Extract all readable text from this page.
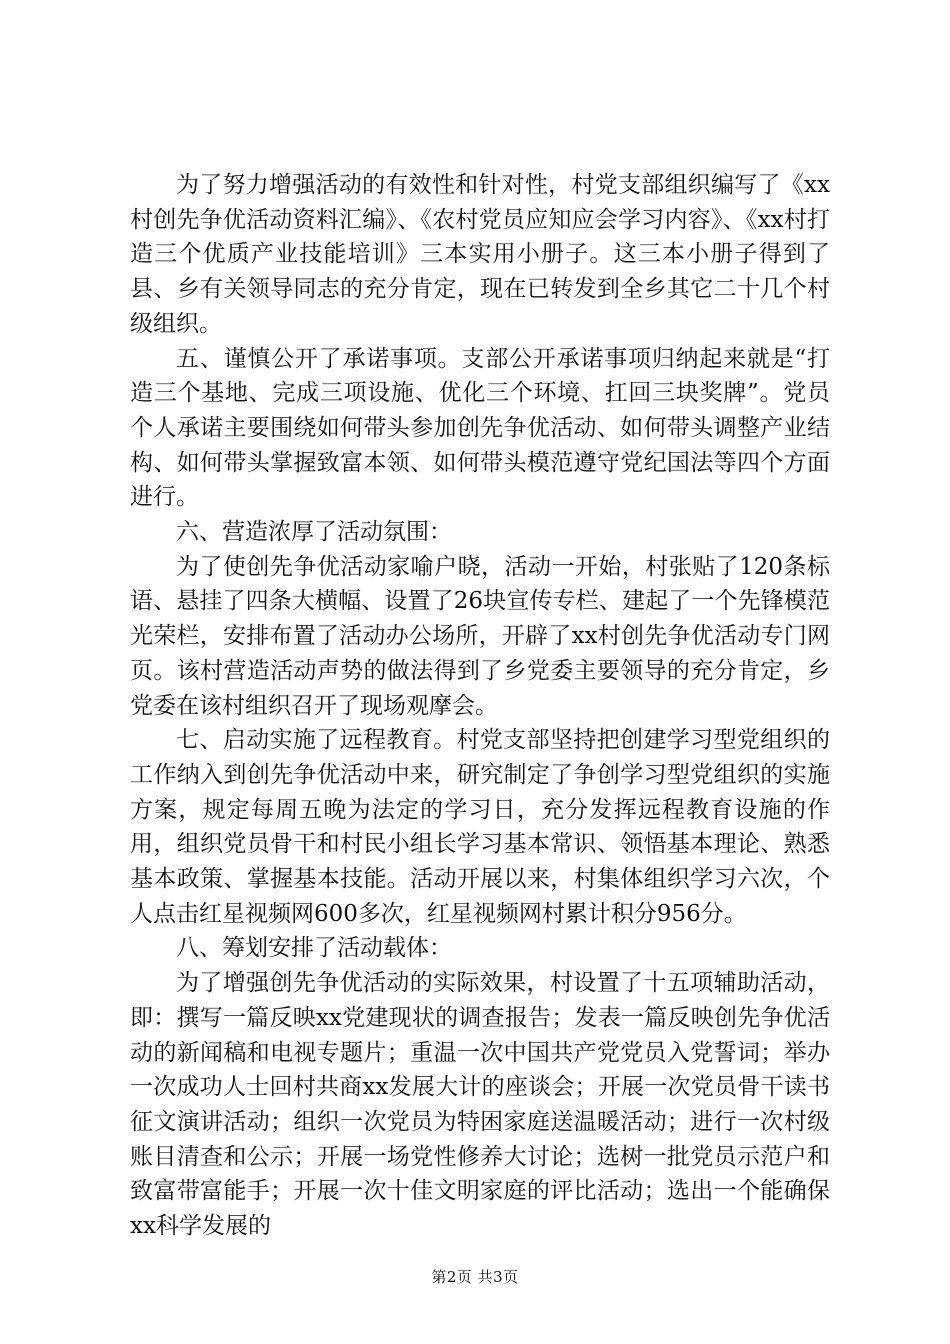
为了努力增强活动的有效性和针对性，村党支部组织编写了《xx村创先争优活动资料汇编》、《农村党员应知应会学习内容》、《xx村打造三个优质产业技能培训》三本实用小册子。这三本小册子得到了县、乡有关领导同志的充分肯定，现在已转发到全乡其它二十几个村级组织。

五、谨慎公开了承诺事项。支部公开承诺事项归纳起来就是“打造三个基地、完成三项设施、优化三个环境、扛回三块奖牌”。党员个人承诺主要围绕如何带头参加创先争优活动、如何带头调整产业结构、如何带头掌握致富本领、如何带头模范遵守党纪国法等四个方面进行。

六、营造浓厚了活动氛围：

为了使创先争优活动家喻户晓，活动一开始，村张贴了120条标语、悬挂了四条大横幅、设置了26块宣传专栏、建起了一个先锋模范光荣栏，安排布置了活动办公场所，开辟了xx村创先争优活动专门网页。该村营造活动声势的做法得到了乡党委主要领导的充分肯定，乡党委在该村组织召开了现场观摩会。

七、启动实施了远程教育。村党支部坚持把创建学习型党组织的工作纳入到创先争优活动中来，研究制定了争创学习型党组织的实施方案，规定每周五晚为法定的学习日，充分发挥远程教育设施的作用，组织党员骨干和村民小组长学习基本常识、领悟基本理论、熟悉基本政策、掌握基本技能。活动开展以来，村集体组织学习六次，个人点击红星视频网600多次，红星视频网村累计积分956分。

八、筹划安排了活动载体：

为了增强创先争优活动的实际效果，村设置了十五项辅助活动，即：撰写一篇反映xx党建现状的调查报告；发表一篇反映创先争优活动的新闻稿和电视专题片；重温一次中国共产党党员入党誓词；举办一次成功人士回村共商xx发展大计的座谈会；开展一次党员骨干读书征文演讲活动；组织一次党员为特困家庭送温暖活动；进行一次村级账目清查和公示；开展一场党性修养大讨论；选树一批党员示范户和致富带富能手；开展一次十佳文明家庭的评比活动；选出一个能确保xx科学发展的

第2页 共3页
